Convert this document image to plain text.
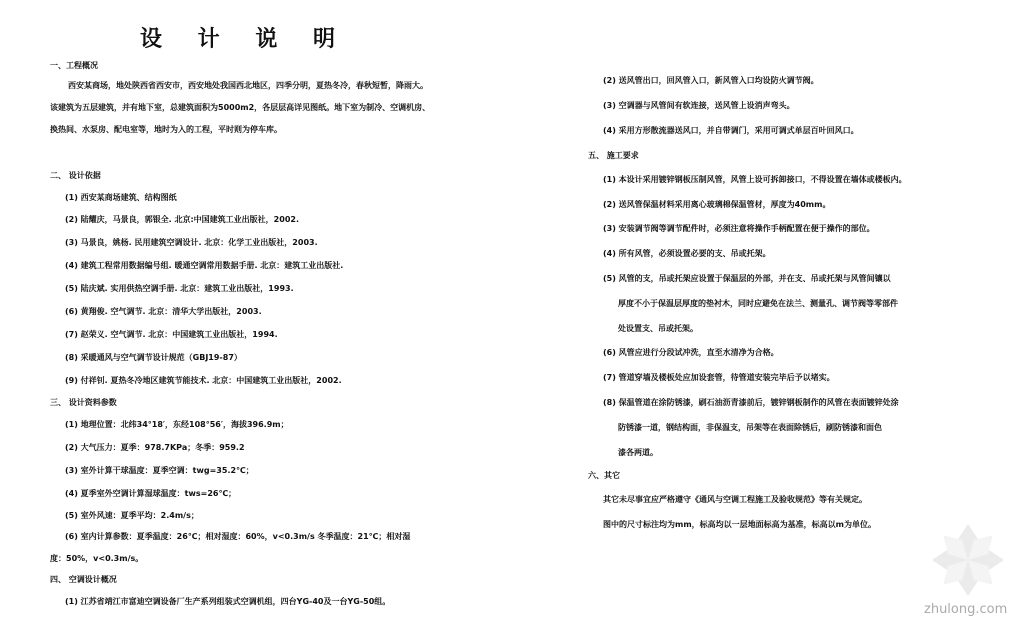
设 计 说 明
zhulong.com
一、工程概况
西安某商场，地处陕西省西安市，西安地处我国西北地区，四季分明，夏热冬冷，春秋短暂，降雨大。
该建筑为五层建筑，并有地下室，总建筑面积为5000m2，各层层高详见图纸。地下室为制冷、空调机房、
换热间、水泵房、配电室等，地时为入的工程，平时则为停车库。
二、 设计依据
(1) 西安某商场建筑、结构图纸
(2) 陆耀庆，马景良，郭银全. 北京:中国建筑工业出版社，2002.
(3) 马景良，姚杨. 民用建筑空调设计. 北京：化学工业出版社，2003.
(4) 建筑工程常用数据编号组. 暖通空调常用数据手册. 北京：建筑工业出版社.
(5) 陆庆斌. 实用供热空调手册. 北京：建筑工业出版社，1993.
(6) 黄翔俊. 空气调节. 北京：清华大学出版社，2003.
(7) 赵荣义. 空气调节. 北京：中国建筑工业出版社，1994.
(8) 采暖通风与空气调节设计规范（GBJ19-87）
(9) 付祥钊. 夏热冬冷地区建筑节能技术. 北京：中国建筑工业出版社，2002.
三、 设计资料参数
(1) 地理位置：北纬34°18′，东经108°56′，海拔396.9m；
(2) 大气压力：夏季：978.7KPa；冬季：959.2
(3) 室外计算干球温度：夏季空调：twg=35.2℃；
(4) 夏季室外空调计算湿球温度：tws=26℃；
(5) 室外风速：夏季平均：2.4m/s；
(6) 室内计算参数：夏季温度：26℃；相对湿度：60%，v<0.3m/s 冬季温度：21℃；相对湿
度：50%，v<0.3m/s。
四、 空调设计概况
(1) 江苏省靖江市富迪空调设备厂生产系列组装式空调机组，四台YG-40及一台YG-50组。
(2) 送风管出口，回风管入口，新风管入口均设防火调节阀。
(3) 空调器与风管间有软连接，送风管上设消声弯头。
(4) 采用方形散流器送风口，并自带调门，采用可调式单层百叶回风口。
五、 施工要求
(1) 本设计采用镀锌钢板压制风管，风管上设可拆卸接口，不得设置在墙体或楼板内。
(2) 送风管保温材料采用离心玻璃棉保温管材，厚度为40mm。
(3) 安装调节阀等调节配件时，必须注意将操作手柄配置在便于操作的部位。
(4) 所有风管，必须设置必要的支、吊或托架。
(5) 风管的支，吊或托架应设置于保温层的外部，并在支、吊或托架与风管间镶以
厚度不小于保温层厚度的垫衬木，同时应避免在法兰、测量孔、调节阀等零部件
处设置支、吊或托架。
(6) 风管应进行分段试冲洗，直至水清净为合格。
(7) 管道穿墙及楼板处应加设套管，待管道安装完毕后予以堵实。
(8) 保温管道在涂防锈漆，刷石油沥青漆前后，镀锌钢板制作的风管在表面镀锌处涂
防锈漆一道，钢结构面，非保温支，吊架等在表面除锈后，刷防锈漆和面色
漆各两道。
六、其它
其它未尽事宜应严格遵守《通风与空调工程施工及验收规范》等有关规定。
图中的尺寸标注均为mm，标高均以一层地面标高为基准，标高以m为单位。
